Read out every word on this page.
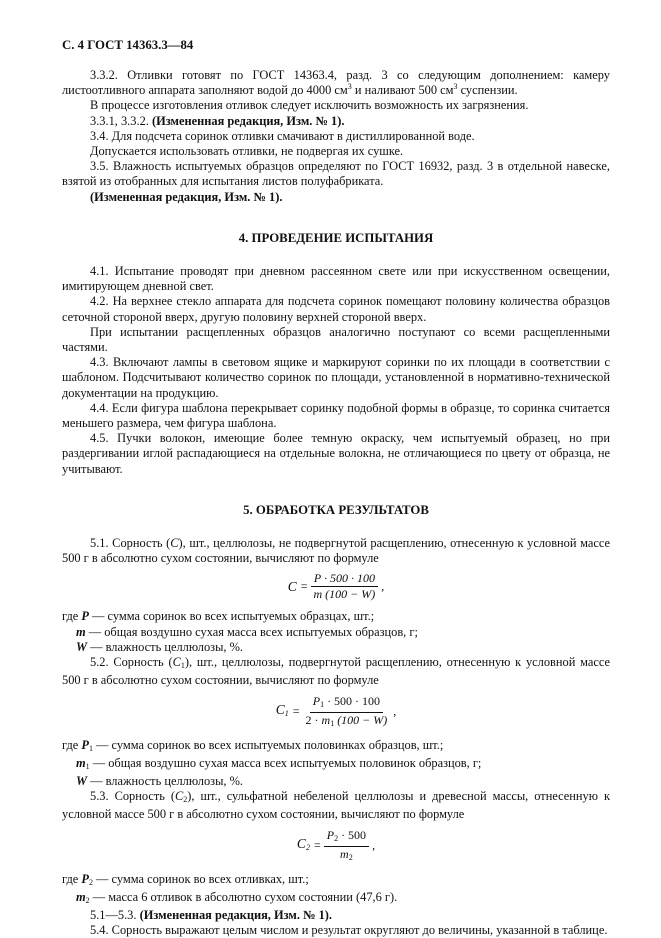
С. 4 ГОСТ 14363.3—84

3.3.2. Отливки готовят по ГОСТ 14363.4, разд. 3 со следующим дополнением: камеру листоотливного аппарата заполняют водой до 4000 $см^3$ и наливают 500 $см^3$ суспензии.

В процессе изготовления отливок следует исключить возможность их загрязнения.

3.3.1, 3.3.2. (Измененная редакция, Изм. № 1).

3.4. Для подсчета соринок отливки смачивают в дистиллированной воде.

Допускается использовать отливки, не подвергая их сушке.

3.5. Влажность испытуемых образцов определяют по ГОСТ 16932, разд. 3 в отдельной навеске, взятой из отобранных для испытания листов полуфабриката.

(Измененная редакция, Изм. № 1).

4. ПРОВЕДЕНИЕ ИСПЫТАНИЯ

4.1. Испытание проводят при дневном рассеянном свете или при искусственном освещении, имитирующем дневной свет.

4.2. На верхнее стекло аппарата для подсчета соринок помещают половину количества образцов сеточной стороной вверх, другую половину верхней стороной вверх.

При испытании расщепленных образцов аналогично поступают со всеми расщепленными частями.

4.3. Включают лампы в световом ящике и маркируют соринки по их площади в соответствии с шаблоном. Подсчитывают количество соринок по площади, установленной в нормативно-технической документации на продукцию.

4.4. Если фигура шаблона перекрывает соринку подобной формы в образце, то соринка считается меньшего размера, чем фигура шаблона.

4.5. Пучки волокон, имеющие более темную окраску, чем испытуемый образец, но при раздергивании иглой распадающиеся на отдельные волокна, не отличающиеся по цвету от образца, не учитывают.

5. ОБРАБОТКА РЕЗУЛЬТАТОВ

5.1. Сорность (C), шт., целлюлозы, не подвергнутой расщеплению, отнесенную к условной массе 500 г в абсолютно сухом состоянии, вычисляют по формуле

$C = \frac{P \cdot 500 \cdot 100}{m (100 - W)}$ ,

где P — сумма соринок во всех испытуемых образцах, шт.;

m — общая воздушно сухая масса всех испытуемых образцов, г;

W — влажность целлюлозы, %.

5.2. Сорность $(C_1)$, шт., целлюлозы, подвергнутой расщеплению, отнесенную к условной массе 500 г в абсолютно сухом состоянии, вычисляют по формуле

$C_1 = \frac{P_1 \cdot 500 \cdot 100}{2 \cdot m_1 (100 - W)}$ ,

где $P_1$ — сумма соринок во всех испытуемых половинках образцов, шт.;

$m_1$ — общая воздушно сухая масса всех испытуемых половинок образцов, г;

W — влажность целлюлозы, %.

5.3. Сорность $(C_2)$, шт., сульфатной небеленой целлюлозы и древесной массы, отнесенную к условной массе 500 г в абсолютно сухом состоянии, вычисляют по формуле

$C_2 = \frac{P_2 \cdot 500}{m_2}$ ,

где $P_2$ — сумма соринок во всех отливках, шт.;

$m_2$ — масса 6 отливок в абсолютно сухом состоянии (47,6 г).

5.1—5.3. (Измененная редакция, Изм. № 1).

5.4. Сорность выражают целым числом и результат округляют до величины, указанной в таблице.
